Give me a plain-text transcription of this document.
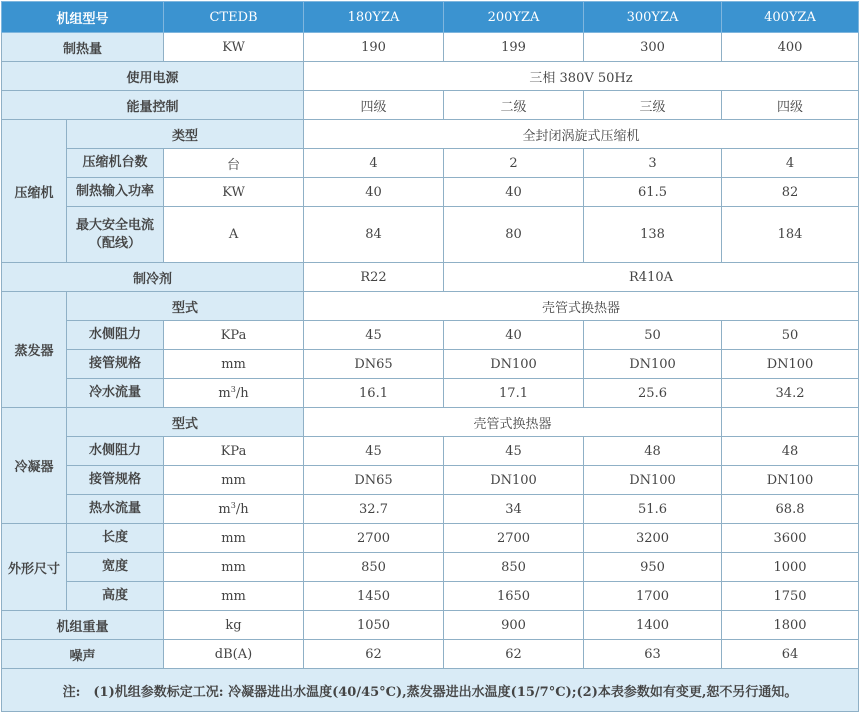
机组型号		CTEDB	180YZA	200YZA	300YZA	400YZA
制热量		KW	190	199	300	400
使用电源			三相 380V 50Hz			
能量控制			四级	二级	三级	四级
压缩机	类型		全封闭涡旋式压缩机			
	压缩机台数	台	4	2	3	4
	制热输入功率	KW	40	40	61.5	82
	最大安全电流
（配线）	A	84	80	138	184
制冷剂			R22	R410A		
蒸发器	型式		壳管式换热器			
	水侧阻力	KPa	45	40	50	50
	接管规格	mm	DN65	DN100	DN100	DN100
	冷水流量	$m^3/h$	16.1	17.1	25.6	34.2
冷凝器	型式		壳管式换热器			
	水侧阻力	KPa	45	45	48	48
	接管规格	mm	DN65	DN100	DN100	DN100
	热水流量	$m^3/h$	32.7	34	51.6	68.8
外形尺寸	长度	mm	2700	2700	3200	3600
	宽度	mm	850	850	950	1000
	高度	mm	1450	1650	1700	1750
机组重量		kg	1050	900	1400	1800
噪声		dB(A)	62	62	63	64
注:　(1)机组参数标定工况: 冷凝器进出水温度(40/45°C),蒸发器进出水温度(15/7°C);(2)本表参数如有变更,恕不另行通知。						
